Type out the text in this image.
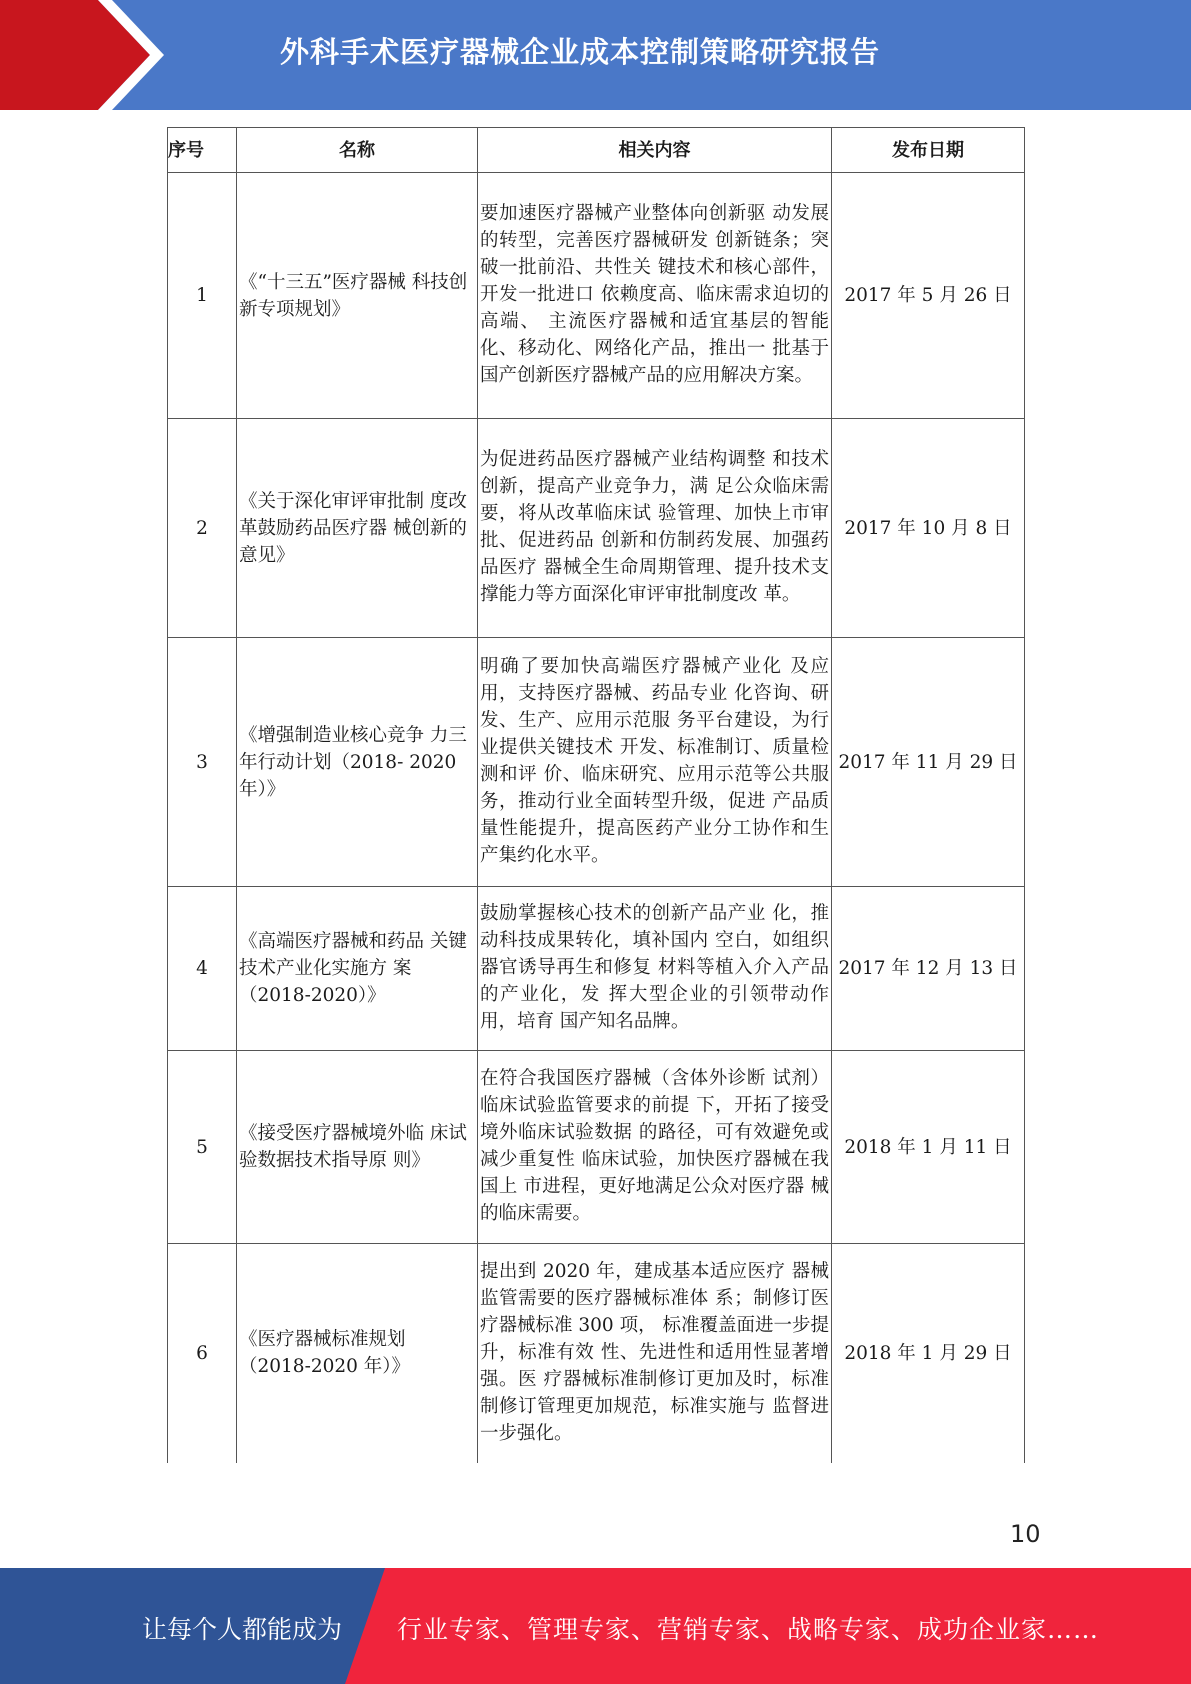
外科手术医疗器械企业成本控制策略研究报告
序号	名称	相关内容	发布日期
1	《“十三五”医疗器械 科技创新专项规划》	要加速医疗器械产业整体向创新驱 动发展的转型，完善医疗器械研发 创新链条；突破一批前沿、共性关 键技术和核心部件，开发一批进口 依赖度高、临床需求迫切的高端、 主流医疗器械和适宜基层的智能 化、移动化、网络化产品，推出一 批基于国产创新医疗器械产品的应用解决方案。	2017 年 5 月 26 日
2	《关于深化审评审批制 度改革鼓励药品医疗器 械创新的意见》	为促进药品医疗器械产业结构调整 和技术创新，提高产业竞争力，满 足公众临床需要，将从改革临床试 验管理、加快上市审批、促进药品 创新和仿制药发展、加强药品医疗 器械全生命周期管理、提升技术支 撑能力等方面深化审评审批制度改 革。	2017 年 10 月 8 日
3	《增强制造业核心竞争 力三年行动计划（2018- 2020 年）》	明确了要加快高端医疗器械产业化 及应用，支持医疗器械、药品专业 化咨询、研发、生产、应用示范服 务平台建设，为行业提供关键技术 开发、标准制订、质量检测和评 价、临床研究、应用示范等公共服 务，推动行业全面转型升级，促进 产品质量性能提升，提高医药产业分工协作和生产集约化水平。	2017 年 11 月 29 日
4	《高端医疗器械和药品 关键技术产业化实施方 案（2018-2020）》	鼓励掌握核心技术的创新产品产业 化，推动科技成果转化，填补国内 空白，如组织器官诱导再生和修复 材料等植入介入产品的产业化，发 挥大型企业的引领带动作用，培育 国产知名品牌。	2017 年 12 月 13 日
5	《接受医疗器械境外临 床试验数据技术指导原 则》	在符合我国医疗器械（含体外诊断 试剂）临床试验监管要求的前提 下，开拓了接受境外临床试验数据 的路径，可有效避免或减少重复性 临床试验，加快医疗器械在我国上 市进程，更好地满足公众对医疗器 械的临床需要。	2018 年 1 月 11 日
6	《医疗器械标准规划（2018-2020 年）》	提出到 2020 年，建成基本适应医疗 器械监管需要的医疗器械标准体 系；制修订医疗器械标准 300 项， 标准覆盖面进一步提升，标准有效 性、先进性和适用性显著增强。医 疗器械标准制修订更加及时，标准 制修订管理更加规范，标准实施与 监督进一步强化。	2018 年 1 月 29 日
10
让每个人都能成为 行业专家、管理专家、营销专家、战略专家、成功企业家……
